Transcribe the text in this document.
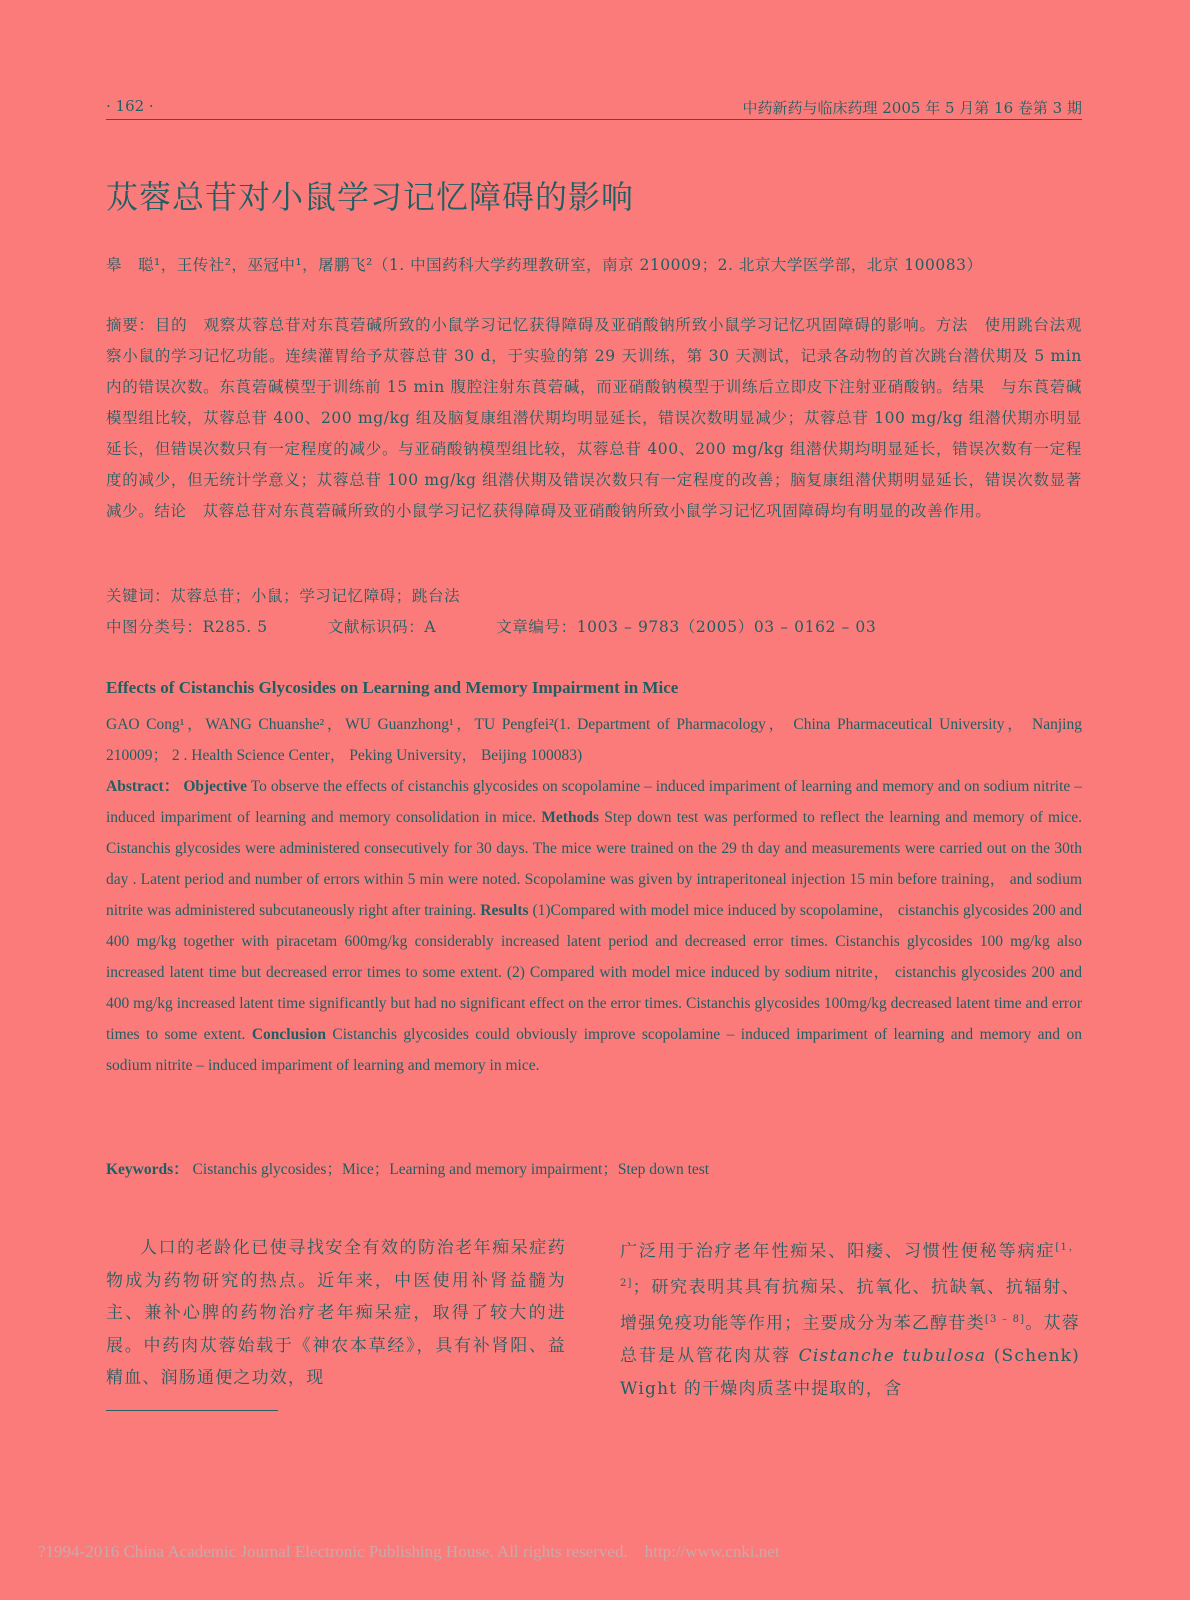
· 162 ·	中药新药与临床药理 2005 年 5 月第 16 卷第 3 期
苁蓉总苷对小鼠学习记忆障碍的影响
皋　聪¹，王传社²，巫冠中¹，屠鹏飞²（1. 中国药科大学药理教研室，南京 210009；2. 北京大学医学部，北京 100083）
摘要：目的　 观察苁蓉总苷对东莨菪碱所致的小鼠学习记忆获得障碍及亚硝酸钠所致小鼠学习记忆巩固障碍的影响。方法　 使用跳台法观察小鼠的学习记忆功能。连续灌胃给予苁蓉总苷 30 d，于实验的第 29 天训练，第 30 天测试，记录各动物的首次跳台潜伏期及 5 min 内的错误次数。东莨菪碱模型于训练前 15 min 腹腔注射东莨菪碱，而亚硝酸钠模型于训练后立即皮下注射亚硝酸钠。结果　 与东莨菪碱模型组比较，苁蓉总苷 400、200 mg/kg 组及脑复康组潜伏期均明显延长，错误次数明显减少；苁蓉总苷 100 mg/kg 组潜伏期亦明显延长，但错误次数只有一定程度的减少。与亚硝酸钠模型组比较，苁蓉总苷 400、200 mg/kg 组潜伏期均明显延长，错误次数有一定程度的减少，但无统计学意义；苁蓉总苷 100 mg/kg 组潜伏期及错误次数只有一定程度的改善；脑复康组潜伏期明显延长，错误次数显著减少。结论　 苁蓉总苷对东莨菪碱所致的小鼠学习记忆获得障碍及亚硝酸钠所致小鼠学习记忆巩固障碍均有明显的改善作用。
关键词：苁蓉总苷；小鼠；学习记忆障碍；跳台法
中图分类号：R285. 5	文献标识码：A	文章编号：1003 – 9783（2005）03 – 0162 – 03
Effects of Cistanchis Glycosides on Learning and Memory Impairment in Mice
GAO Cong¹，WANG Chuanshe²，WU Guanzhong¹，TU Pengfei²(1. Department of Pharmacology， China Pharmaceutical University， Nanjing 210009； 2 . Health Science Center， Peking University， Beijing 100083)
Abstract： Objective To observe the effects of cistanchis glycosides on scopolamine – induced impariment of learning and memory and on sodium nitrite – induced impariment of learning and memory consolidation in mice. Methods Step down test was performed to reflect the learning and memory of mice. Cistanchis glycosides were administered consecutively for 30 days. The mice were trained on the 29 th day and measurements were carried out on the 30th day . Latent period and number of errors within 5 min were noted. Scopolamine was given by intraperitoneal injection 15 min before training， and sodium nitrite was administered subcutaneously right after training. Results (1)Compared with model mice induced by scopolamine， cistanchis glycosides 200 and 400 mg/kg together with piracetam 600mg/kg considerably increased latent period and decreased error times. Cistanchis glycosides 100 mg/kg also increased latent time but decreased error times to some extent. (2) Compared with model mice induced by sodium nitrite， cistanchis glycosides 200 and 400 mg/kg increased latent time significantly but had no significant effect on the error times. Cistanchis glycosides 100mg/kg decreased latent time and error times to some extent. Conclusion Cistanchis glycosides could obviously improve scopolamine – induced impariment of learning and memory and on sodium nitrite – induced impariment of learning and memory in mice.
Keywords： Cistanchis glycosides；Mice；Learning and memory impairment；Step down test
人口的老龄化已使寻找安全有效的防治老年痴呆症药物成为药物研究的热点。近年来，中医使用补肾益髓为主、兼补心脾的药物治疗老年痴呆症，取得了较大的进展。中药肉苁蓉始载于《神农本草经》，具有补肾阳、益精血、润肠通便之功效，现
广泛用于治疗老年性痴呆、阳痿、习惯性便秘等病症[1，2]；研究表明其具有抗痴呆、抗氧化、抗缺氧、抗辐射、增强免疫功能等作用；主要成分为苯乙醇苷类[3 – 8]。苁蓉总苷是从管花肉苁蓉 Cistanche tubulosa (Schenk) Wight 的干燥肉质茎中提取的，含
?1994-2016 China Academic Journal Electronic Publishing House. All rights reserved.　http://www.cnki.net
